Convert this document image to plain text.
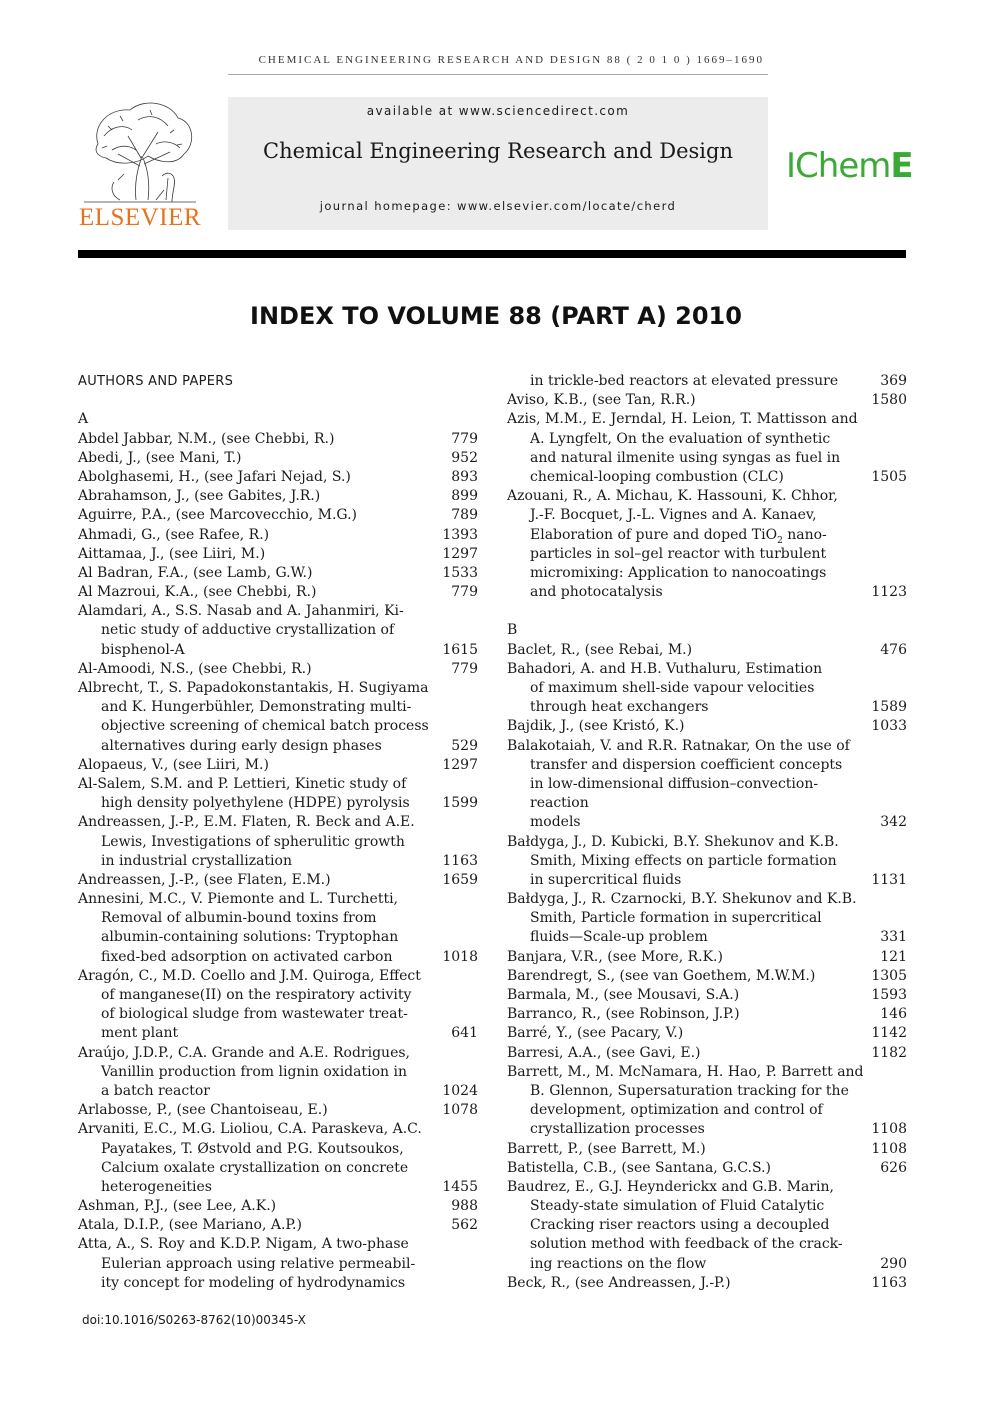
CHEMICAL ENGINEERING RESEARCH AND DESIGN 88 ( 2 0 1 0 ) 1669–1690
ELSEVIER
available at www.sciencedirect.com
Chemical Engineering Research and Design
journal homepage: www.elsevier.com/locate/cherd
IChemE
INDEX TO VOLUME 88 (PART A) 2010
AUTHORS AND PAPERS
A
Abdel Jabbar, N.M., (see Chebbi, R.)	779
Abedi, J., (see Mani, T.)	952
Abolghasemi, H., (see Jafari Nejad, S.)	893
Abrahamson, J., (see Gabites, J.R.)	899
Aguirre, P.A., (see Marcovecchio, M.G.)	789
Ahmadi, G., (see Rafee, R.)	1393
Aittamaa, J., (see Liiri, M.)	1297
Al Badran, F.A., (see Lamb, G.W.)	1533
Al Mazroui, K.A., (see Chebbi, R.)	779
Alamdari, A., S.S. Nasab and A. Jahanmiri, Ki-
netic study of adductive crystallization of
bisphenol-A	1615
Al-Amoodi, N.S., (see Chebbi, R.)	779
Albrecht, T., S. Papadokonstantakis, H. Sugiyama
and K. Hungerbühler, Demonstrating multi-
objective screening of chemical batch process
alternatives during early design phases	529
Alopaeus, V., (see Liiri, M.)	1297
Al-Salem, S.M. and P. Lettieri, Kinetic study of
high density polyethylene (HDPE) pyrolysis 1599
Andreassen, J.-P., E.M. Flaten, R. Beck and A.E.
Lewis, Investigations of spherulitic growth
in industrial crystallization	1163
Andreassen, J.-P., (see Flaten, E.M.)	1659
Annesini, M.C., V. Piemonte and L. Turchetti,
Removal of albumin-bound toxins from
albumin-containing solutions: Tryptophan
fixed-bed adsorption on activated carbon	1018
Aragón, C., M.D. Coello and J.M. Quiroga, Effect
of manganese(II) on the respiratory activity
of biological sludge from wastewater treat-
ment plant	641
Araújo, J.D.P., C.A. Grande and A.E. Rodrigues,
Vanillin production from lignin oxidation in
a batch reactor	1024
Arlabosse, P., (see Chantoiseau, E.)	1078
Arvaniti, E.C., M.G. Lioliou, C.A. Paraskeva, A.C.
Payatakes, T. Østvold and P.G. Koutsoukos,
Calcium oxalate crystallization on concrete
heterogeneities	1455
Ashman, P.J., (see Lee, A.K.)	988
Atala, D.I.P., (see Mariano, A.P.)	562
Atta, A., S. Roy and K.D.P. Nigam, A two-phase
Eulerian approach using relative permeabil-
ity concept for modeling of hydrodynamics
in trickle-bed reactors at elevated pressure	369
Aviso, K.B., (see Tan, R.R.)	1580
Azis, M.M., E. Jerndal, H. Leion, T. Mattisson and
A. Lyngfelt, On the evaluation of synthetic
and natural ilmenite using syngas as fuel in
chemical-looping combustion (CLC)	1505
Azouani, R., A. Michau, K. Hassouni, K. Chhor,
J.-F. Bocquet, J.-L. Vignes and A. Kanaev,
Elaboration of pure and doped TiO$_2$ nano-
particles in sol–gel reactor with turbulent
micromixing: Application to nanocoatings
and photocatalysis	1123
B
Baclet, R., (see Rebai, M.)	476
Bahadori, A. and H.B. Vuthaluru, Estimation
of maximum shell-side vapour velocities
through heat exchangers	1589
Bajdik, J., (see Kristó, K.)	1033
Balakotaiah, V. and R.R. Ratnakar, On the use of
transfer and dispersion coefficient concepts
in low-dimensional diffusion–convection-
reaction
models	342
Bałdyga, J., D. Kubicki, B.Y. Shekunov and K.B.
Smith, Mixing effects on particle formation
in supercritical fluids	1131
Bałdyga, J., R. Czarnocki, B.Y. Shekunov and K.B.
Smith, Particle formation in supercritical
fluids—Scale-up problem	331
Banjara, V.R., (see More, R.K.)	121
Barendregt, S., (see van Goethem, M.W.M.)	1305
Barmala, M., (see Mousavi, S.A.)	1593
Barranco, R., (see Robinson, J.P.)	146
Barré, Y., (see Pacary, V.)	1142
Barresi, A.A., (see Gavi, E.)	1182
Barrett, M., M. McNamara, H. Hao, P. Barrett and
B. Glennon, Supersaturation tracking for the
development, optimization and control of
crystallization processes	1108
Barrett, P., (see Barrett, M.)	1108
Batistella, C.B., (see Santana, G.C.S.)	626
Baudrez, E., G.J. Heynderickx and G.B. Marin,
Steady-state simulation of Fluid Catalytic
Cracking riser reactors using a decoupled
solution method with feedback of the crack-
ing reactions on the flow	290
Beck, R., (see Andreassen, J.-P.)	1163
doi:10.1016/S0263-8762(10)00345-X
